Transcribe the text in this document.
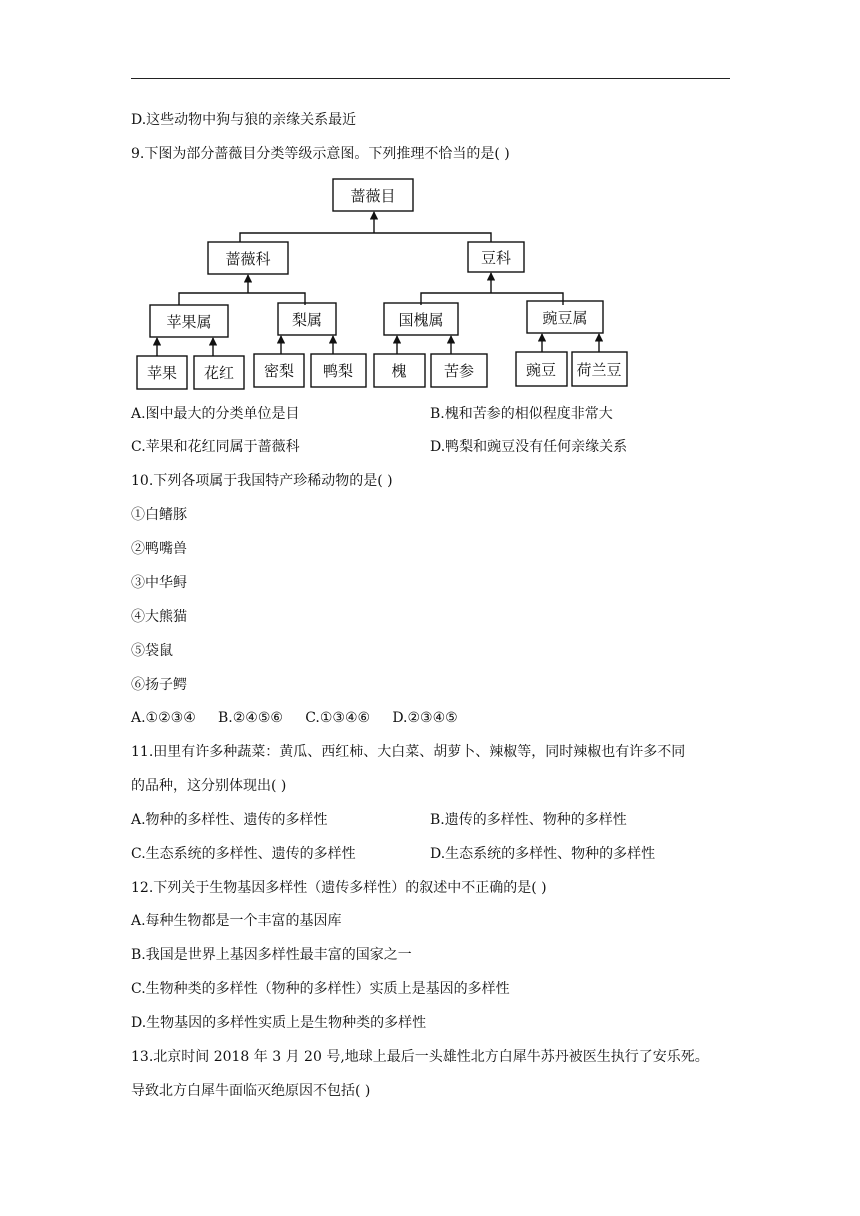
D.这些动物中狗与狼的亲缘关系最近
9.下图为部分蔷薇目分类等级示意图。下列推理不恰当的是( )
蔷薇目
蔷薇科	豆科
苹果属	梨属	国槐属	豌豆属
苹果 花红 密梨 鸭梨	槐 苦参	豌豆 荷兰豆
A.图中最大的分类单位是目	B.槐和苦参的相似程度非常大
C.苹果和花红同属于蔷薇科	D.鸭梨和豌豆没有任何亲缘关系
10.下列各项属于我国特产珍稀动物的是( )
①白鳍豚
②鸭嘴兽
③中华鲟
④大熊猫
⑤袋鼠
⑥扬子鳄
A.①②③④     B.②④⑤⑥     C.①③④⑥     D.②③④⑤
11.田里有许多种蔬菜：黄瓜、西红柿、大白菜、胡萝卜、辣椒等，同时辣椒也有许多不同
的品种，这分别体现出( )
A.物种的多样性、遗传的多样性	B.遗传的多样性、物种的多样性
C.生态系统的多样性、遗传的多样性	D.生态系统的多样性、物种的多样性
12.下列关于生物基因多样性（遗传多样性）的叙述中不正确的是( )
A.每种生物都是一个丰富的基因库
B.我国是世界上基因多样性最丰富的国家之一
C.生物种类的多样性（物种的多样性）实质上是基因的多样性
D.生物基因的多样性实质上是生物种类的多样性
13.北京时间 2018 年 3 月 20 号,地球上最后一头雄性北方白犀牛苏丹被医生执行了安乐死。
导致北方白犀牛面临灭绝原因不包括( )
